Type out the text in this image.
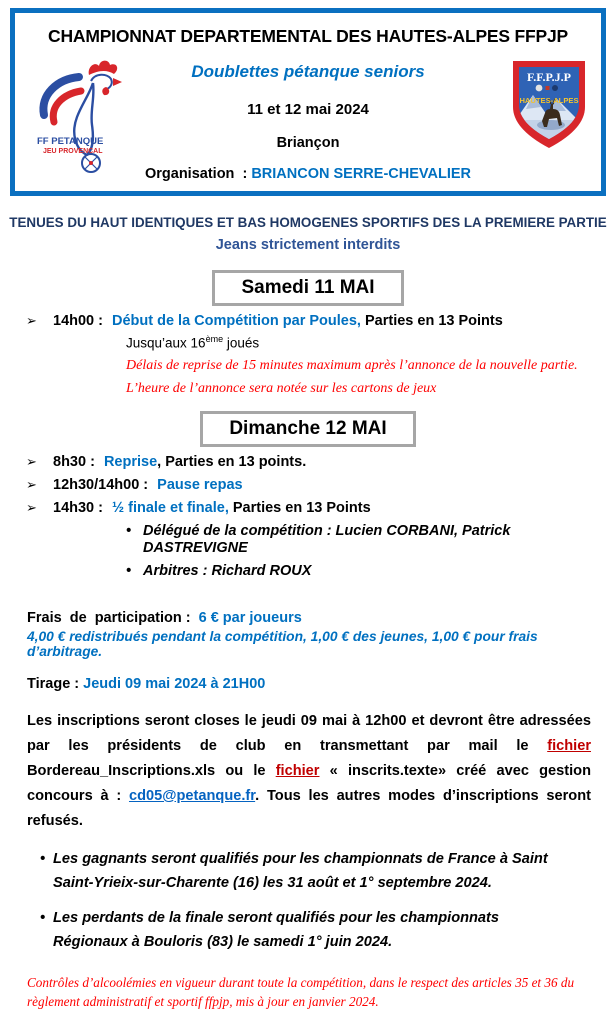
CHAMPIONNAT DEPARTEMENTAL DES HAUTES-ALPES FFPJP
Doublettes pétanque seniors
11 et 12 mai 2024
Briançon
Organisation  : BRIANCON SERRE-CHEVALIER
FF PETANQUE
JEU PROVENÇAL
F.F.P.J.P
HAUTES-ALPES
TENUES DU HAUT IDENTIQUES ET BAS HOMOGENES SPORTIFS DES LA PREMIERE PARTIE
Jeans strictement interdits
Samedi 11 MAI
➢	14h00 : Début de la Compétition par Poules, Parties en 13 Points
Jusqu’aux 16ème joués
Délais de reprise de 15 minutes maximum après l’annonce de la nouvelle partie.
L’heure de l’annonce sera notée sur les cartons de jeux
Dimanche 12 MAI
➢	8h30 : Reprise, Parties en 13 points.
➢	12h30/14h00 : Pause repas
➢	14h30 : ½ finale et finale, Parties en 13 Points
• Délégué de la compétition : Lucien CORBANI, Patrick DASTREVIGNE
• Arbitres : Richard ROUX
Frais  de  participation :  6 € par joueurs
4,00 € redistribués pendant la compétition, 1,00 € des jeunes, 1,00 € pour frais d’arbitrage.
Tirage : Jeudi 09 mai 2024 à 21H00
Les inscriptions seront closes le jeudi 09 mai à 12h00 et devront être adressées par les présidents de club en transmettant par mail le fichier Bordereau_Inscriptions.xls ou le fichier « inscrits.texte» créé avec gestion concours à : cd05@petanque.fr. Tous les autres modes d’inscriptions seront refusés.
• Les gagnants seront qualifiés pour les championnats de France à Saint Saint-Yrieix-sur-Charente (16) les 31 août et 1° septembre 2024.
• Les perdants de la finale seront qualifiés pour les championnats Régionaux à Bouloris (83) le samedi 1° juin 2024.
Contrôles d’alcoolémies en vigueur durant toute la compétition, dans le respect des articles 35 et 36 du règlement administratif et sportif ffpjp, mis à jour en janvier 2024.
